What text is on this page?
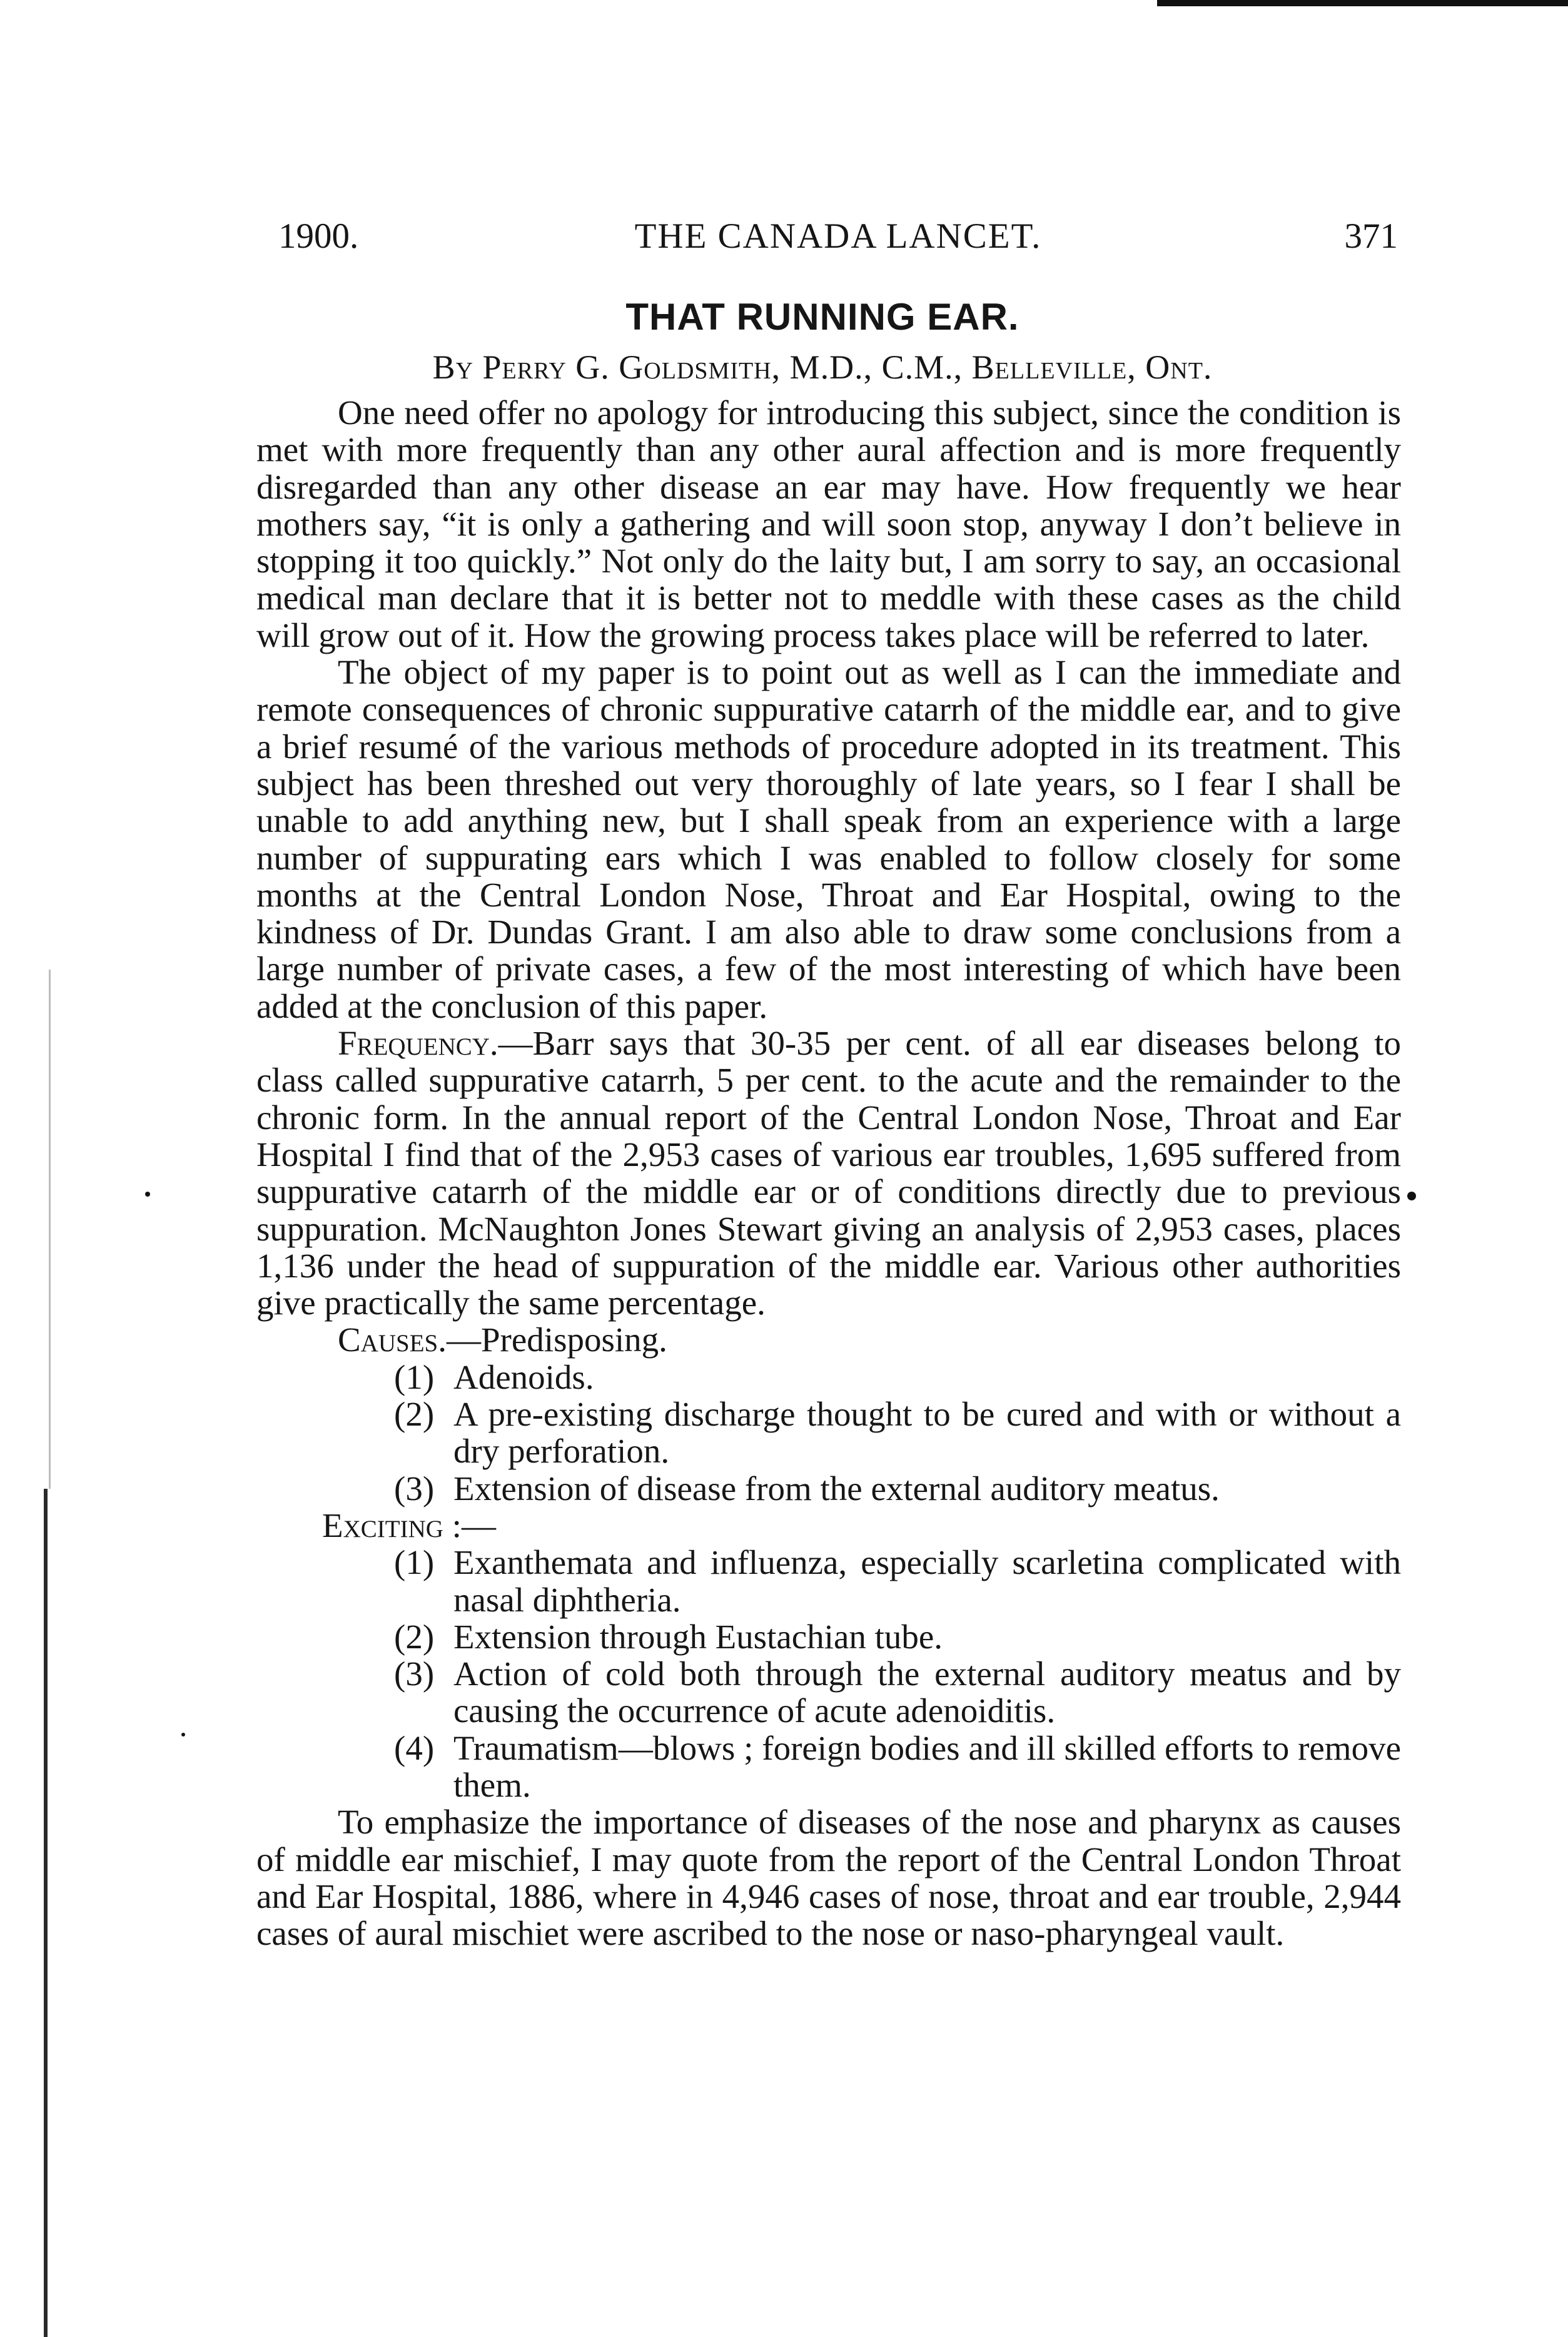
THE CANADA LANCET.
1900.	371
THAT RUNNING EAR.
By Perry G. Goldsmith, M.D., C.M., Belleville, Ont.

One need offer no apology for introducing this subject, since the condition is met with more frequently than any other aural affection and is more frequently disregarded than any other disease an ear may have. How frequently we hear mothers say, “it is only a gathering and will soon stop, anyway I don’t believe in stopping it too quickly.” Not only do the laity but, I am sorry to say, an occasional medical man declare that it is better not to meddle with these cases as the child will grow out of it. How the growing process takes place will be referred to later.

The object of my paper is to point out as well as I can the immediate and remote consequences of chronic suppurative catarrh of the middle ear, and to give a brief resumé of the various methods of procedure adopted in its treatment. This subject has been threshed out very thoroughly of late years, so I fear I shall be unable to add anything new, but I shall speak from an experience with a large number of suppurating ears which I was enabled to follow closely for some months at the Central London Nose, Throat and Ear Hospital, owing to the kindness of Dr. Dundas Grant. I am also able to draw some conclusions from a large number of private cases, a few of the most interesting of which have been added at the conclusion of this paper.

Frequency.—Barr says that 30-35 per cent. of all ear diseases belong to class called suppurative catarrh, 5 per cent. to the acute and the remainder to the chronic form. In the annual report of the Central London Nose, Throat and Ear Hospital I find that of the 2,953 cases of various ear troubles, 1,695 suffered from suppurative catarrh of the middle ear or of conditions directly due to previous suppuration. McNaughton Jones Stewart giving an analysis of 2,953 cases, places 1,136 under the head of suppuration of the middle ear. Various other authorities give practically the same percentage.

Causes.—Predisposing.
(1) Adenoids.
(2) A pre-existing discharge thought to be cured and with or without a dry perforation.
(3) Extension of disease from the external auditory meatus.
Exciting :—
(1) Exanthemata and influenza, especially scarletina complicated with nasal diphtheria.
(2) Extension through Eustachian tube.
(3) Action of cold both through the external auditory meatus and by causing the occurrence of acute adenoiditis.
(4) Traumatism—blows ; foreign bodies and ill skilled efforts to remove them.

To emphasize the importance of diseases of the nose and pharynx as causes of middle ear mischief, I may quote from the report of the Central London Throat and Ear Hospital, 1886, where in 4,946 cases of nose, throat and ear trouble, 2,944 cases of aural mischiet were ascribed to the nose or naso-pharyngeal vault.
